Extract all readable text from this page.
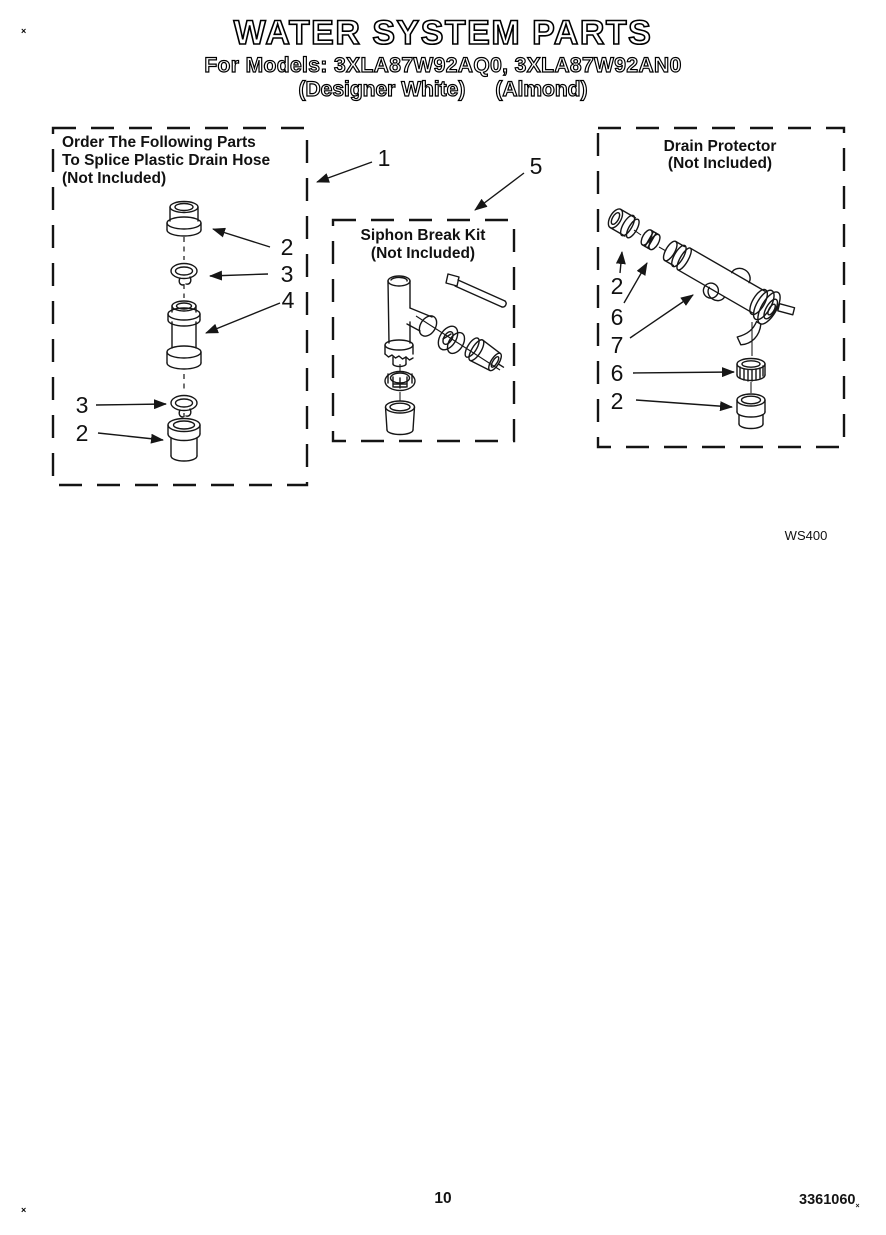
×
×
WATER SYSTEM PARTS
For Models: 3XLA87W92AQ0, 3XLA87W92AN0
(Designer White) (Almond)
Order The Following Parts
To Splice Plastic Drain Hose
(Not Included)
2
3
4
3
2
1	5
Siphon Break Kit
(Not Included)
Drain Protector
(Not Included)
2
6
7
6
2
WS400
10	$3361060_\times$
